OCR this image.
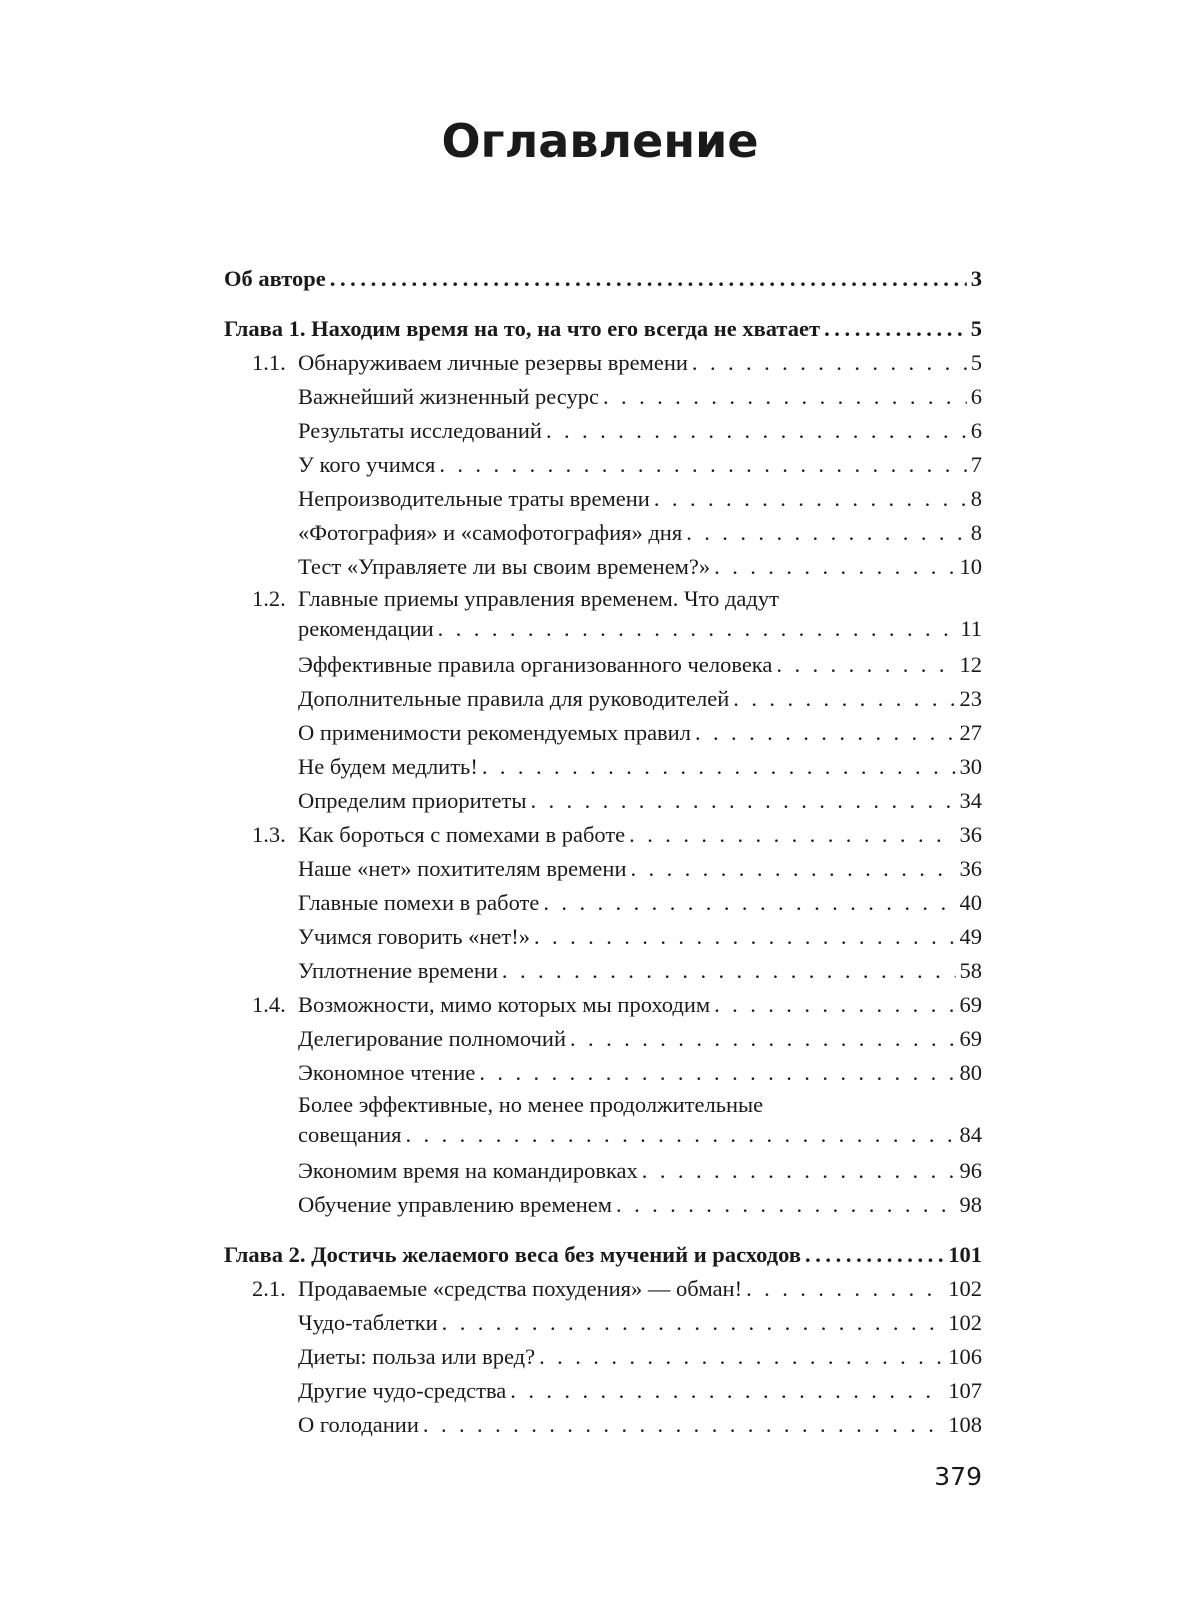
Оглавление
Об авторе .....	3
Глава 1. Находим время на то, на что его всегда не хватает .....	5
1.1. Обнаруживаем личные резервы времени . . .	5
Важнейший жизненный ресурс . . .	6
Результаты исследований . . .	6
У кого учимся . . .	7
Непроизводительные траты времени . . .	8
«Фотография» и «самофотография» дня . . .	8
Тест «Управляете ли вы своим временем?» . . .	10
1.2. Главные приемы управления временем. Что дадут
рекомендации . . .	11
Эффективные правила организованного человека . . .	12
Дополнительные правила для руководителей . . .	23
О применимости рекомендуемых правил . . .	27
Не будем медлить! . . .	30
Определим приоритеты . . .	34
1.3. Как бороться с помехами в работе . . .	36
Наше «нет» похитителям времени . . .	36
Главные помехи в работе . . .	40
Учимся говорить «нет!» . . .	49
Уплотнение времени . . .	58
1.4. Возможности, мимо которых мы проходим . . .	69
Делегирование полномочий . . .	69
Экономное чтение . . .	80
Более эффективные, но менее продолжительные
совещания . . .	84
Экономим время на командировках . . .	96
Обучение управлению временем . . .	98
Глава 2. Достичь желаемого веса без мучений и расходов .....	101
2.1. Продаваемые «средства похудения» — обман! . . .	102
Чудо-таблетки . . .	102
Диеты: польза или вред? . . .	106
Другие чудо-средства . . .	107
О голодании . . .	108
379
